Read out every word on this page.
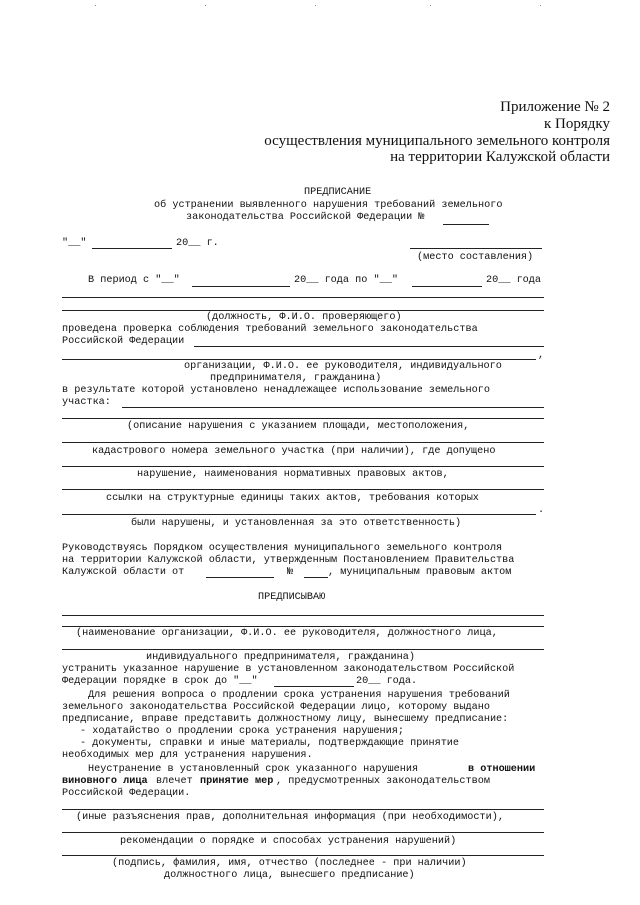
Приложение № 2
к Порядку
осуществления муниципального земельного контроля
на территории Калужской области
ПРЕДПИСАНИЕ
об устранении выявленного нарушения требований земельного
законодательства Российской Федерации №
"__"	20__ г.
(место составления)
В период с "__"	20__ года по "__"	20__ года
(должность, Ф.И.О. проверяющего)
проведена проверка соблюдения требований земельного законодательства
Российской Федерации
,
организации, Ф.И.О. ее руководителя, индивидуального
предпринимателя, гражданина)
в результате которой установлено ненадлежащее использование земельного
участка:
(описание нарушения с указанием площади, местоположения,
кадастрового номера земельного участка (при наличии), где допущено
нарушение, наименования нормативных правовых актов,
ссылки на структурные единицы таких актов, требования которых
.
были нарушены, и установленная за это ответственность)
Руководствуясь Порядком осуществления муниципального земельного контроля
на территории Калужской области, утвержденным Постановлением Правительства
Калужской области от	№	, муниципальным правовым актом
ПРЕДПИСЫВАЮ
(наименование организации, Ф.И.О. ее руководителя, должностного лица,
индивидуального предпринимателя, гражданина)
устранить указанное нарушение в установленном законодательством Российской
Федерации порядке в срок до "__"	20__ года.
Для решения вопроса о продлении срока устранения нарушения требований
земельного законодательства Российской Федерации лицо, которому выдано
предписание, вправе представить должностному лицу, вынесшему предписание:
- ходатайство о продлении срока устранения нарушения;
- документы, справки и иные материалы, подтверждающие принятие
необходимых мер для устранения нарушения.
Неустранение в установленный срок указанного нарушения	в отношении
виновного лица влечет принятие мер , предусмотренных законодательством
Российской Федерации.
(иные разъяснения прав, дополнительная информация (при необходимости),
рекомендации о порядке и способах устранения нарушений)
(подпись, фамилия, имя, отчество (последнее - при наличии)
должностного лица, вынесшего предписание)
